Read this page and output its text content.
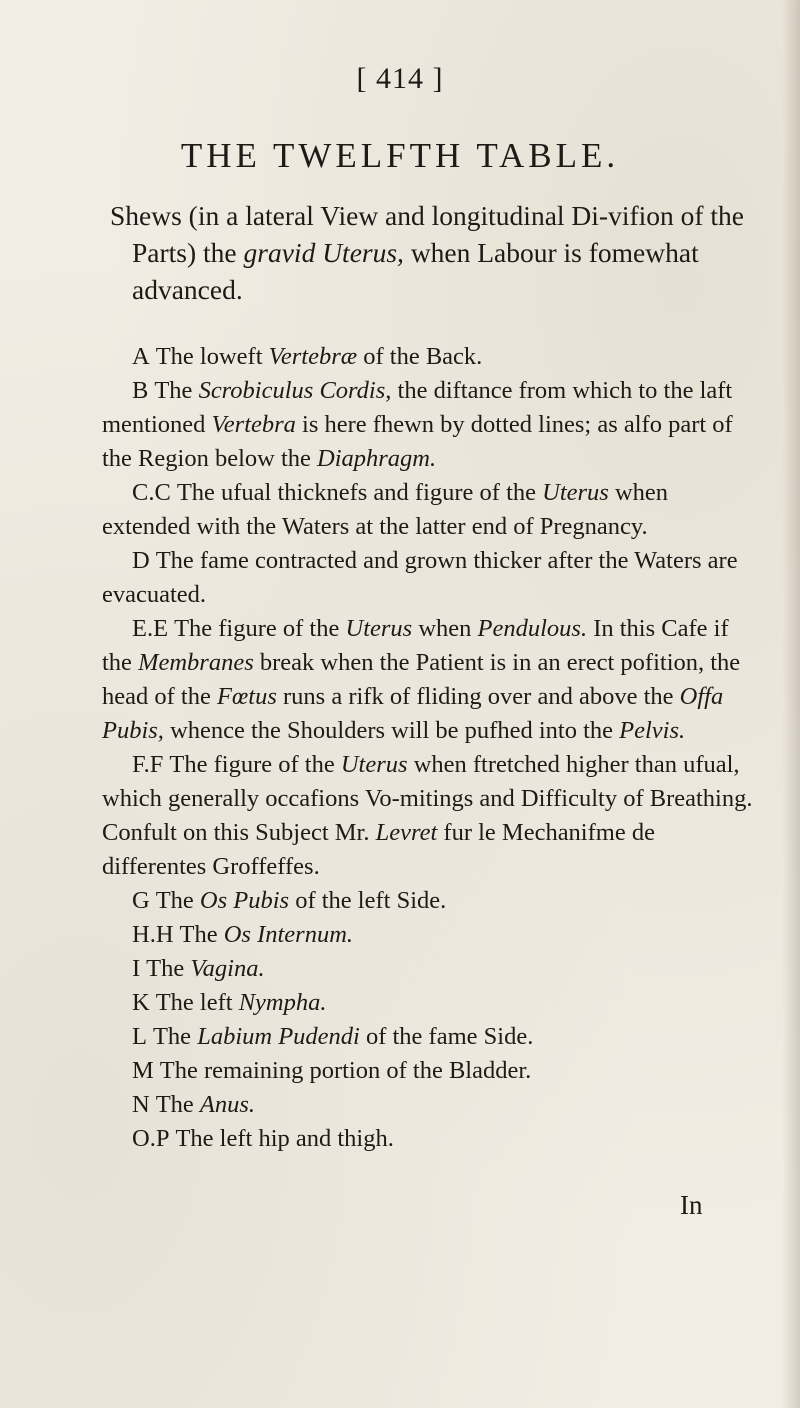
[ 414 ]
THE TWELFTH TABLE.

Shews (in a lateral View and longitudinal Di-vifion of the Parts) the gravid Uterus, when Labour is fomewhat advanced.

A The loweft Vertebræ of the Back.

B The Scrobiculus Cordis, the diftance from which to the laft mentioned Vertebra is here fhewn by dotted lines; as alfo part of the Region below the Diaphragm.

C.C The ufual thicknefs and figure of the Uterus when extended with the Waters at the latter end of Pregnancy.

D The fame contracted and grown thicker after the Waters are evacuated.

E.E The figure of the Uterus when Pendulous. In this Cafe if the Membranes break when the Patient is in an erect pofition, the head of the Fœtus runs a rifk of fliding over and above the Offa Pubis, whence the Shoulders will be pufhed into the Pelvis.

F.F The figure of the Uterus when ftretched higher than ufual, which generally occafions Vo-mitings and Difficulty of Breathing. Confult on this Subject Mr. Levret fur le Mechanifme de differentes Groffeffes.

G The Os Pubis of the left Side.

H.H The Os Internum.

I The Vagina.

K The left Nympha.

L The Labium Pudendi of the fame Side.

M The remaining portion of the Bladder.

N The Anus.

O.P The left hip and thigh.

In
